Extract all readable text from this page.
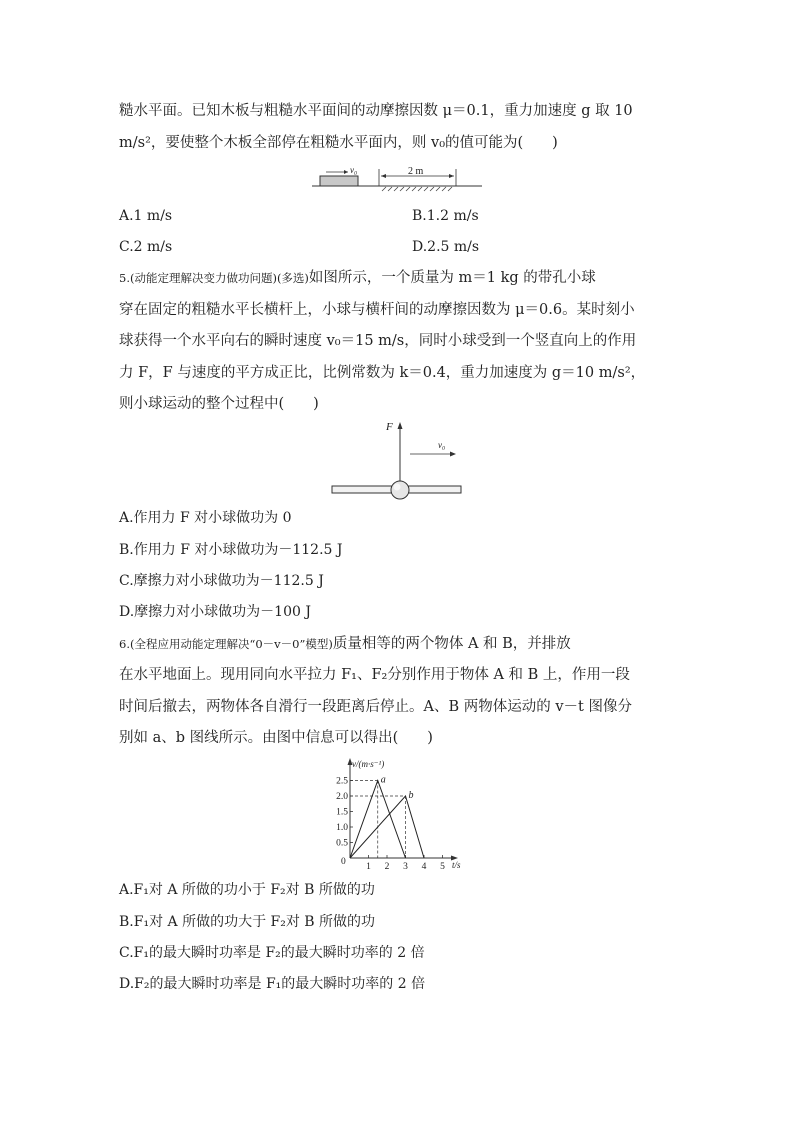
糙水平面。已知木板与粗糙水平面间的动摩擦因数 μ＝0.1，重力加速度 g 取 10
m/s²，要使整个木板全部停在粗糙水平面内，则 v₀的值可能为(　　)
v₀	2 m
A.1 m/s	B.1.2 m/s
C.2 m/s	D.2.5 m/s
5.(动能定理解决变力做功问题)(多选)如图所示，一个质量为 m＝1 kg 的带孔小球
穿在固定的粗糙水平长横杆上，小球与横杆间的动摩擦因数为 μ＝0.6。某时刻小
球获得一个水平向右的瞬时速度 v₀＝15 m/s，同时小球受到一个竖直向上的作用
力 F，F 与速度的平方成正比，比例常数为 k＝0.4，重力加速度为 g＝10 m/s²，
则小球运动的整个过程中(　　)
F
v₀
A.作用力 F 对小球做功为 0
B.作用力 F 对小球做功为－112.5 J
C.摩擦力对小球做功为－112.5 J
D.摩擦力对小球做功为－100 J
6.(全程应用动能定理解决“0－v－0”模型)质量相等的两个物体 A 和 B，并排放
在水平地面上。现用同向水平拉力 F₁、F₂分别作用于物体 A 和 B 上，作用一段
时间后撤去，两物体各自滑行一段距离后停止。A、B 两物体运动的 v－t 图像分
别如 a、b 图线所示。由图中信息可以得出(　　)
v/(m·s⁻¹)
t/s
0
0.5
1.0
1.5
2.0
2.5
1 2 3 4 5
a
b
A.F₁对 A 所做的功小于 F₂对 B 所做的功
B.F₁对 A 所做的功大于 F₂对 B 所做的功
C.F₁的最大瞬时功率是 F₂的最大瞬时功率的 2 倍
D.F₂的最大瞬时功率是 F₁的最大瞬时功率的 2 倍
